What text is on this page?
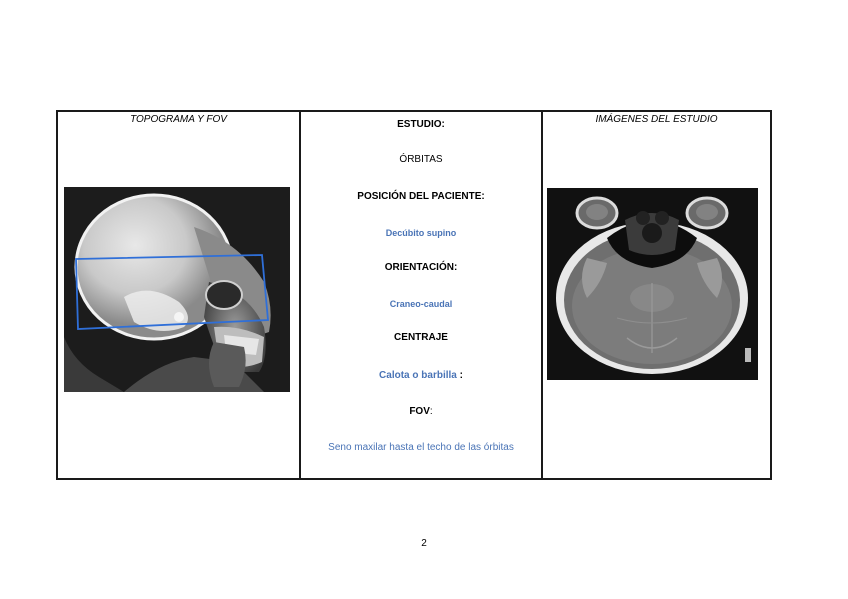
TOPOGRAMA Y FOV	ESTUDIO:
ÓRBITAS
POSICIÓN DEL PACIENTE:
Decúbito supino
ORIENTACIÓN:
Craneo-caudal
CENTRAJE
Calota o barbilla :
FOV:
Seno maxilar hasta el techo de las órbitas
IMÁGENES DEL ESTUDIO
2
